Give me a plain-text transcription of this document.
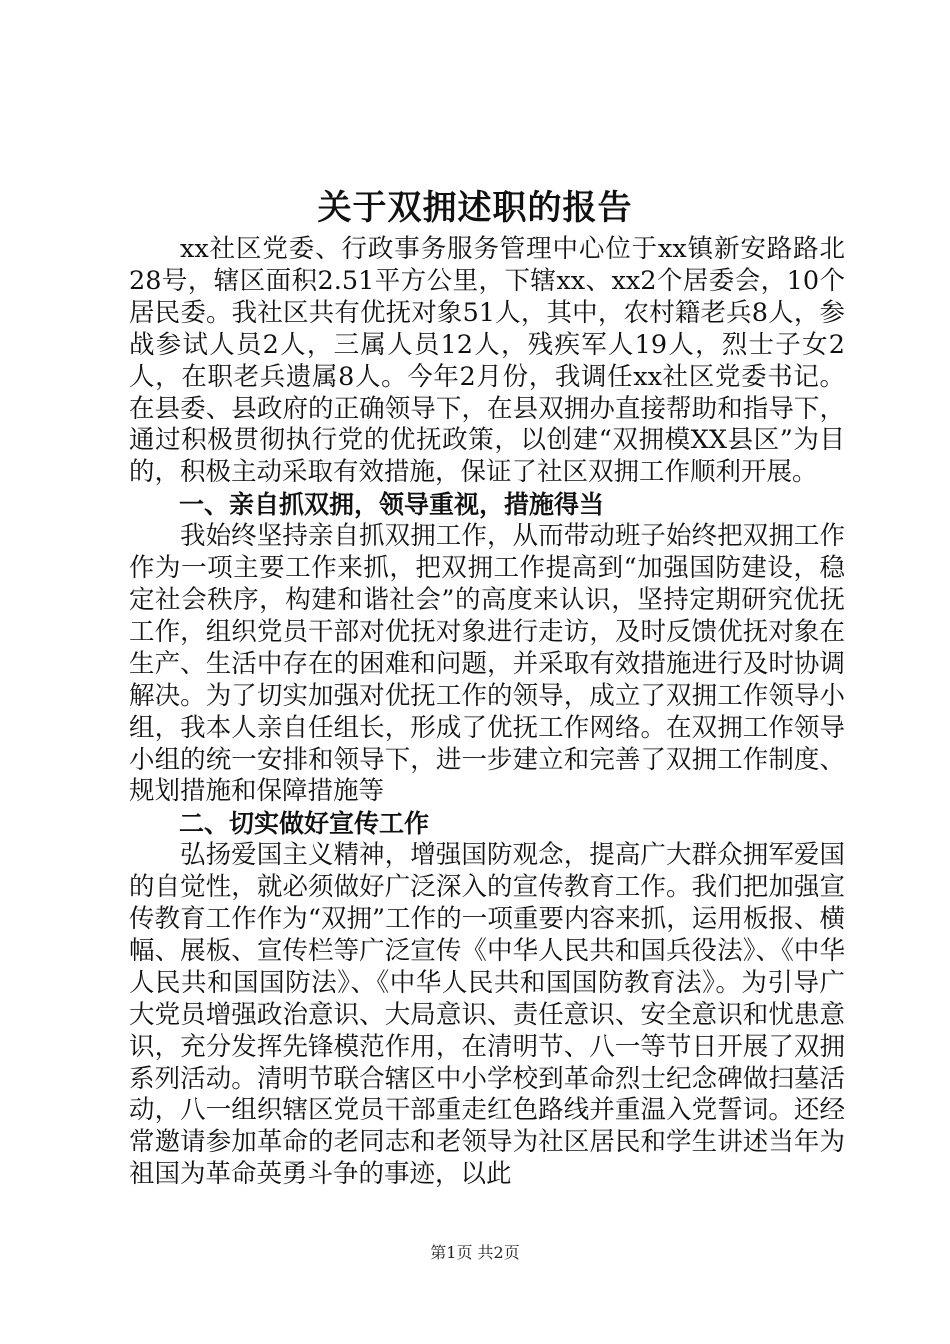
关于双拥述职的报告

xx社区党委、行政事务服务管理中心位于xx镇新安路路北28号，辖区面积2.51平方公里，下辖xx、xx2个居委会，10个居民委。我社区共有优抚对象51人，其中，农村籍老兵8人，参战参试人员2人，三属人员12人，残疾军人19人，烈士子女2人，在职老兵遗属8人。今年2月份，我调任xx社区党委书记。在县委、县政府的正确领导下，在县双拥办直接帮助和指导下，通过积极贯彻执行党的优抚政策，以创建“双拥模XX县区”为目的，积极主动采取有效措施，保证了社区双拥工作顺利开展。

一、亲自抓双拥，领导重视，措施得当

我始终坚持亲自抓双拥工作，从而带动班子始终把双拥工作作为一项主要工作来抓，把双拥工作提高到“加强国防建设，稳定社会秩序，构建和谐社会”的高度来认识，坚持定期研究优抚工作，组织党员干部对优抚对象进行走访，及时反馈优抚对象在生产、生活中存在的困难和问题，并采取有效措施进行及时协调解决。为了切实加强对优抚工作的领导，成立了双拥工作领导小组，我本人亲自任组长，形成了优抚工作网络。在双拥工作领导小组的统一安排和领导下，进一步建立和完善了双拥工作制度、规划措施和保障措施等

二、切实做好宣传工作

弘扬爱国主义精神，增强国防观念，提高广大群众拥军爱国的自觉性，就必须做好广泛深入的宣传教育工作。我们把加强宣传教育工作作为“双拥”工作的一项重要内容来抓，运用板报、横幅、展板、宣传栏等广泛宣传《中华人民共和国兵役法》、《中华人民共和国国防法》、《中华人民共和国国防教育法》。为引导广大党员增强政治意识、大局意识、责任意识、安全意识和忧患意识，充分发挥先锋模范作用，在清明节、八一等节日开展了双拥系列活动。清明节联合辖区中小学校到革命烈士纪念碑做扫墓活动，八一组织辖区党员干部重走红色路线并重温入党誓词。还经常邀请参加革命的老同志和老领导为社区居民和学生讲述当年为祖国为革命英勇斗争的事迹，以此

第1页 共2页
